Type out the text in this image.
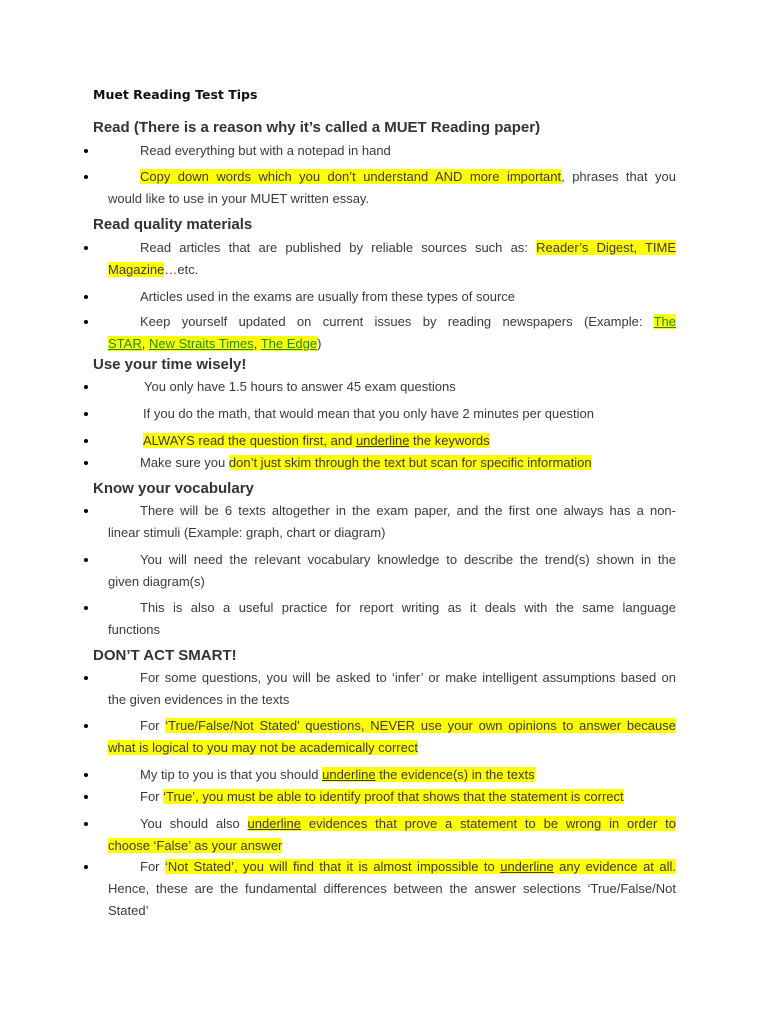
Muet Reading Test Tips
Read (There is a reason why it’s called a MUET Reading paper)
Read everything but with a notepad in hand
Copy down words which you don’t understand AND more important, phrases that you
would like to use in your MUET written essay.
Read quality materials
Read articles that are published by reliable sources such as: Reader’s Digest, TIME
Magazine…etc.
Articles used in the exams are usually from these types of source
Keep yourself updated on current issues by reading newspapers (Example: The
STAR, New Straits Times, The Edge)
Use your time wisely!
You only have 1.5 hours to answer 45 exam questions
If you do the math, that would mean that you only have 2 minutes per question
ALWAYS read the question first, and underline the keywords
Make sure you don’t just skim through the text but scan for specific information
Know your vocabulary
There will be 6 texts altogether in the exam paper, and the first one always has a non-
linear stimuli (Example: graph, chart or diagram)
You will need the relevant vocabulary knowledge to describe the trend(s) shown in the
given diagram(s)
This is also a useful practice for report writing as it deals with the same language
functions
DON’T ACT SMART!
For some questions, you will be asked to ‘infer’ or make intelligent assumptions based on
the given evidences in the texts
For ‘True/False/Not Stated’ questions, NEVER use your own opinions to answer because
what is logical to you may not be academically correct
My tip to you is that you should underline the evidence(s) in the texts
For ‘True’, you must be able to identify proof that shows that the statement is correct
You should also underline evidences that prove a statement to be wrong in order to
choose ‘False’ as your answer
For ‘Not Stated’, you will find that it is almost impossible to underline any evidence at all.
Hence, these are the fundamental differences between the answer selections ‘True/False/Not
Stated’
